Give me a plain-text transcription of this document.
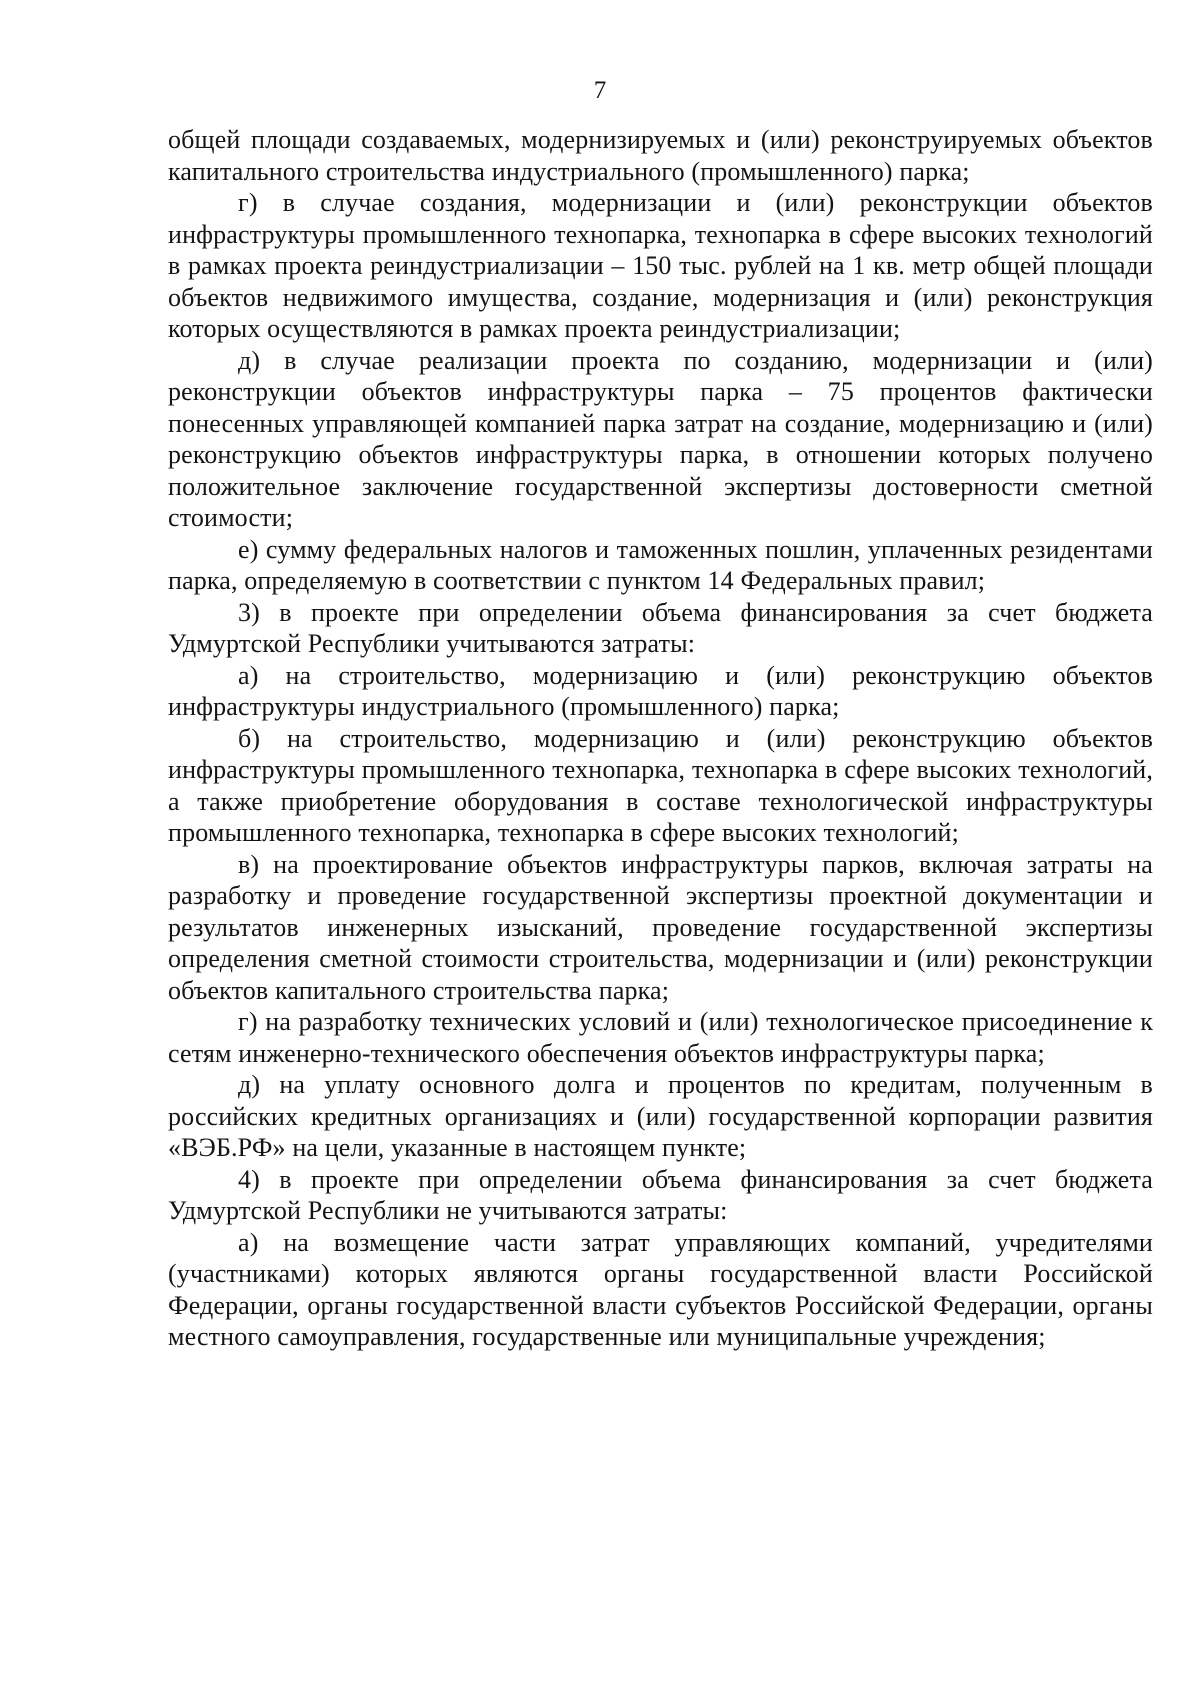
7

общей площади создаваемых, модернизируемых и (или) реконструируемых объектов капитального строительства индустриального (промышленного) парка;

г) в случае создания, модернизации и (или) реконструкции объектов инфраструктуры промышленного технопарка, технопарка в сфере высоких технологий в рамках проекта реиндустриализации – 150 тыс. рублей на 1 кв. метр общей площади объектов недвижимого имущества, создание, модернизация и (или) реконструкция которых осуществляются в рамках проекта реиндустриализации;

д) в случае реализации проекта по созданию, модернизации и (или) реконструкции объектов инфраструктуры парка – 75 процентов фактически понесенных управляющей компанией парка затрат на создание, модернизацию и (или) реконструкцию объектов инфраструктуры парка, в отношении которых получено положительное заключение государственной экспертизы достоверности сметной стоимости;

е) сумму федеральных налогов и таможенных пошлин, уплаченных резидентами парка, определяемую в соответствии с пунктом 14 Федеральных правил;

3) в проекте при определении объема финансирования за счет бюджета Удмуртской Республики учитываются затраты:

а) на строительство, модернизацию и (или) реконструкцию объектов инфраструктуры индустриального (промышленного) парка;

б) на строительство, модернизацию и (или) реконструкцию объектов инфраструктуры промышленного технопарка, технопарка в сфере высоких технологий, а также приобретение оборудования в составе технологической инфраструктуры промышленного технопарка, технопарка в сфере высоких технологий;

в) на проектирование объектов инфраструктуры парков, включая затраты на разработку и проведение государственной экспертизы проектной документации и результатов инженерных изысканий, проведение государственной экспертизы определения сметной стоимости строительства, модернизации и (или) реконструкции объектов капитального строительства парка;

г) на разработку технических условий и (или) технологическое присоединение к сетям инженерно-технического обеспечения объектов инфраструктуры парка;

д) на уплату основного долга и процентов по кредитам, полученным в российских кредитных организациях и (или) государственной корпорации развития «ВЭБ.РФ» на цели, указанные в настоящем пункте;

4) в проекте при определении объема финансирования за счет бюджета Удмуртской Республики не учитываются затраты:

а) на возмещение части затрат управляющих компаний, учредителями (участниками) которых являются органы государственной власти Российской Федерации, органы государственной власти субъектов Российской Федерации, органы местного самоуправления, государственные или муниципальные учреждения;
